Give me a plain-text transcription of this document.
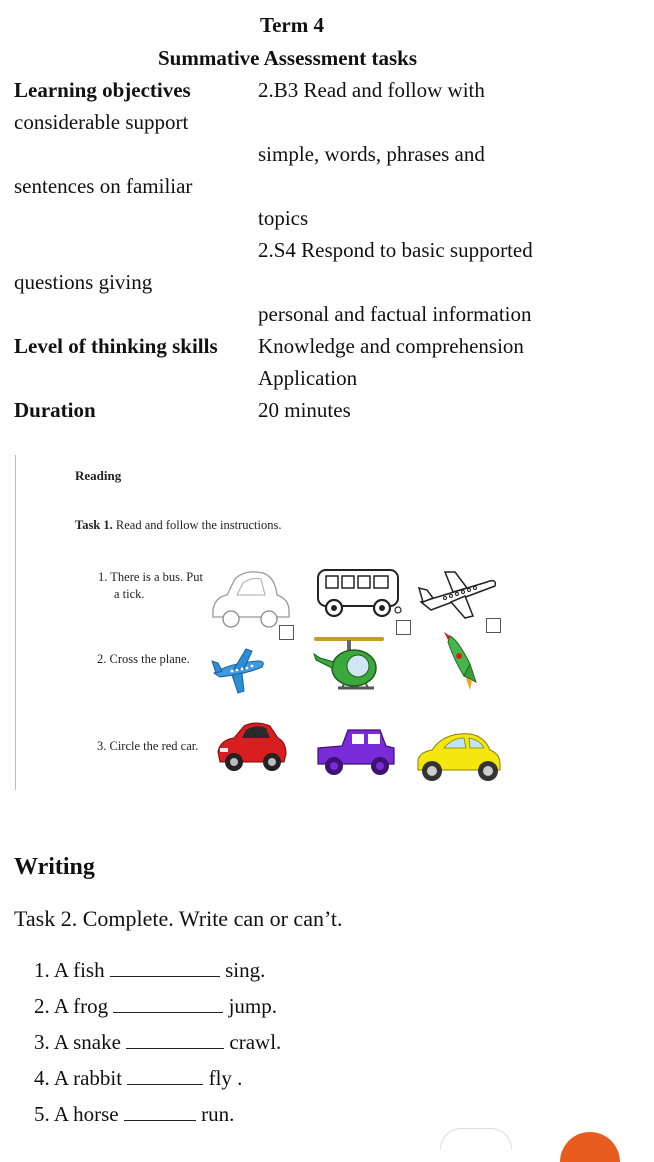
Term 4
Summative Assessment tasks
Learning objectives	2.B3 Read and follow with
considerable support
simple, words, phrases and
sentences on familiar
topics
2.S4 Respond to basic supported
questions giving
personal and factual information
Level of thinking skills Knowledge and comprehension
Application
Duration	20 minutes
Reading
Task 1. Read and follow the instructions.
1. There is a bus. Put
a tick.
2. Cross the plane.
3. Circle the red car.
Writing
Task 2. Complete. Write can or can’t.
1. A fish	sing.
2. A frog	jump.
3. A snake	crawl.
4. A rabbit	fly .
5. A horse	run.
